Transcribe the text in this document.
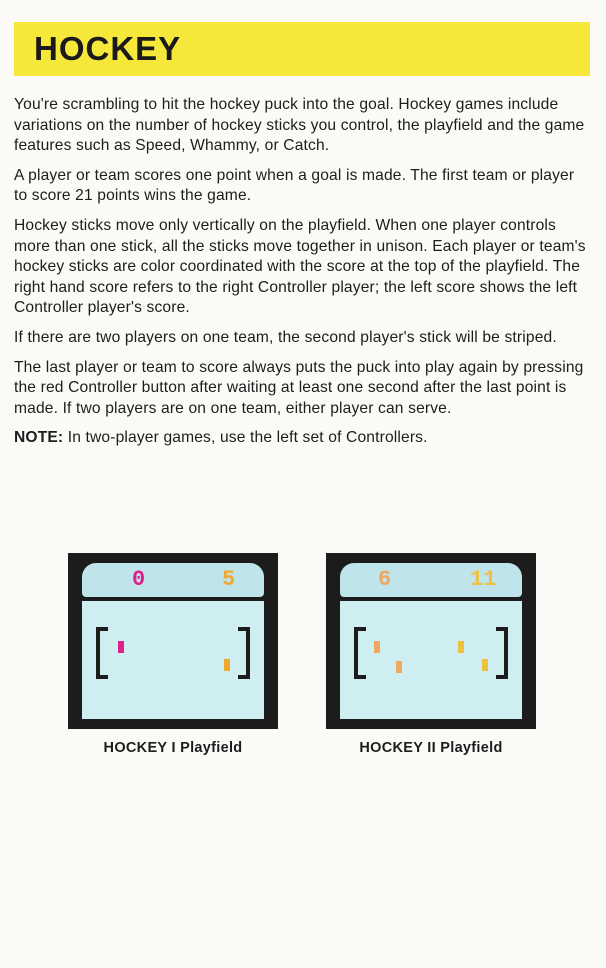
HOCKEY

You're scrambling to hit the hockey puck into the goal. Hockey games include variations on the number of hockey sticks you control, the playfield and the game features such as Speed, Whammy, or Catch.

A player or team scores one point when a goal is made. The first team or player to score 21 points wins the game.

Hockey sticks move only vertically on the playfield. When one player controls more than one stick, all the sticks move together in unison. Each player or team's hockey sticks are color coordinated with the score at the top of the playfield. The right hand score refers to the right Controller player; the left score shows the left Controller player's score.

If there are two players on one team, the second player's stick will be striped.

The last player or team to score always puts the puck into play again by pressing the red Controller button after waiting at least one second after the last point is made. If two players are on one team, either player can serve.

NOTE: In two-player games, use the left set of Controllers.

0	5	6	11
HOCKEY I Playfield	HOCKEY II Playfield
